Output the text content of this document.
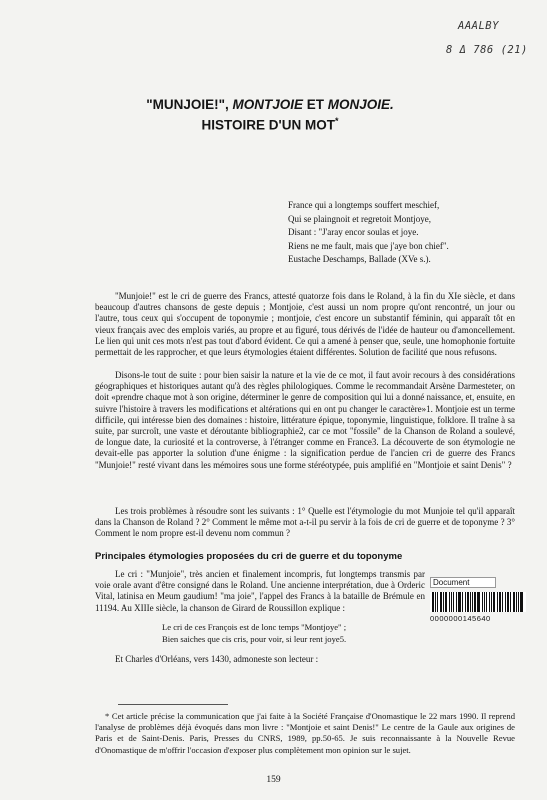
AAALBY
8 Δ 786 (21)
"MUNJOIE!", MONTJOIE ET MONJOIE.
HISTOIRE D'UN MOT*
France qui a longtemps souffert meschief,
Qui se plaingnoit et regretoit Montjoye,
Disant : "J'aray encor soulas et joye.
Riens ne me fault, mais que j'aye bon chief".
Eustache Deschamps, Ballade (XVe s.).

"Munjoie!" est le cri de guerre des Francs, attesté quatorze fois dans le Roland, à la fin du XIe siècle, et dans beaucoup d'autres chansons de geste depuis ; Montjoie, c'est aussi un nom propre qu'ont rencontré, un jour ou l'autre, tous ceux qui s'occupent de toponymie ; montjoie, c'est encore un substantif féminin, qui apparaît tôt en vieux français avec des emplois variés, au propre et au figuré, tous dérivés de l'idée de hauteur ou d'amoncellement. Le lien qui unit ces mots n'est pas tout d'abord évident. Ce qui a amené à penser que, seule, une homophonie fortuite permettait de les rapprocher, et que leurs étymologies étaient différentes. Solution de facilité que nous refusons.

Disons-le tout de suite : pour bien saisir la nature et la vie de ce mot, il faut avoir recours à des considérations géographiques et historiques autant qu'à des règles philologiques. Comme le recommandait Arsène Darmesteter, on doit «prendre chaque mot à son origine, déterminer le genre de composition qui lui a donné naissance, et, ensuite, en suivre l'histoire à travers les modifications et altérations qui en ont pu changer le caractère»1. Montjoie est un terme difficile, qui intéresse bien des domaines : histoire, littérature épique, toponymie, linguistique, folklore. Il traîne à sa suite, par surcroît, une vaste et déroutante bibliographie2, car ce mot "fossile" de la Chanson de Roland a soulevé, de longue date, la curiosité et la controverse, à l'étranger comme en France3. La découverte de son étymologie ne devait-elle pas apporter la solution d'une énigme : la signification perdue de l'ancien cri de guerre des Francs "Munjoie!" resté vivant dans les mémoires sous une forme stéréotypée, puis amplifié en "Montjoie et saint Denis" ?

Les trois problèmes à résoudre sont les suivants : 1° Quelle est l'étymologie du mot Munjoie tel qu'il apparaît dans la Chanson de Roland ? 2° Comment le même mot a-t-il pu servir à la fois de cri de guerre et de toponyme ? 3° Comment le nom propre est-il devenu nom commun ?

Principales étymologies proposées du cri de guerre et du toponyme

Le cri : "Munjoie", très ancien et finalement incompris, fut longtemps transmis par voie orale avant d'être consigné dans le Roland. Une ancienne interprétation, due à Orderic Vital, latinisa en Meum gaudium! "ma joie", l'appel des Francs à la bataille de Brémule en 11194. Au XIIIe siècle, la chanson de Girard de Roussillon explique :

Le cri de ces François est de lonc temps "Montjoye" ;
Bien saiches que cis cris, pour voir, si leur rent joye5.

Et Charles d'Orléans, vers 1430, admoneste son lecteur :

Document
0000000145640

* Cet article précise la communication que j'ai faite à la Société Française d'Onomastique le 22 mars 1990. Il reprend l'analyse de problèmes déjà évoqués dans mon livre : "Montjoie et saint Denis!" Le centre de la Gaule aux origines de Paris et de Saint-Denis. Paris, Presses du CNRS, 1989, pp.50-65. Je suis reconnaissante à la Nouvelle Revue d'Onomastique de m'offrir l'occasion d'exposer plus complètement mon opinion sur le sujet.

159
